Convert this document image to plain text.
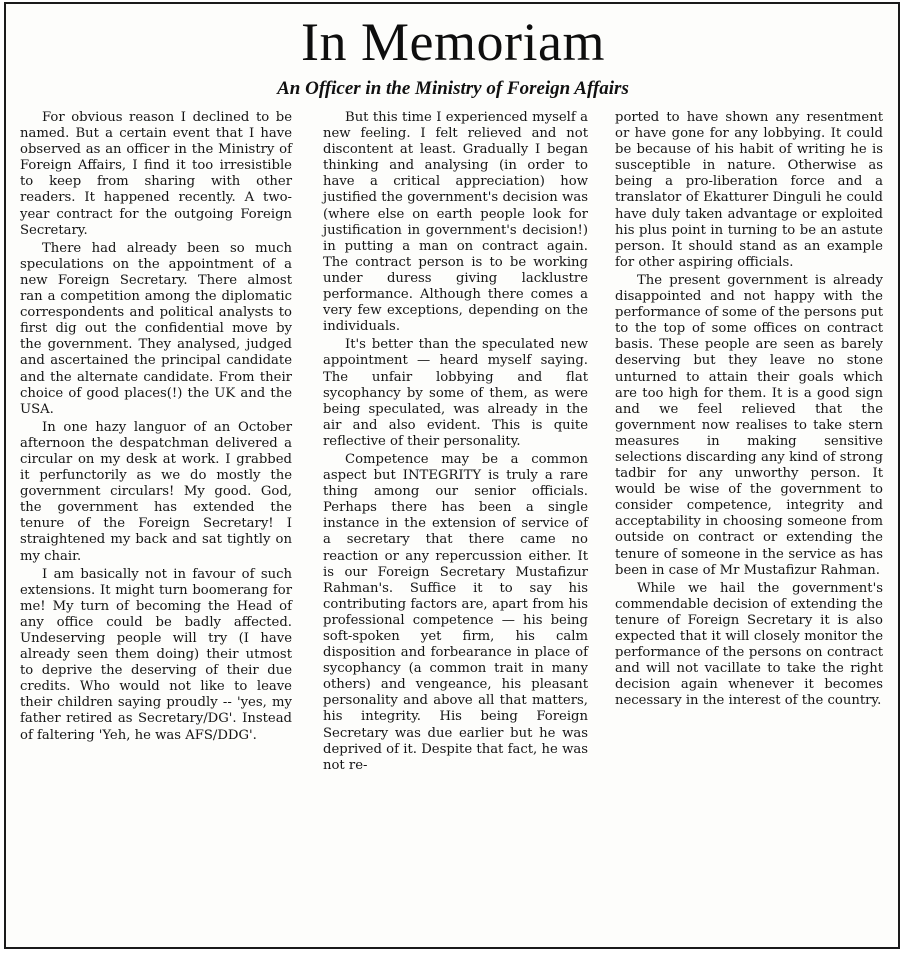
In Memoriam
An Officer in the Ministry of Foreign Affairs

For obvious reason I declined to be named. But a certain event that I have observed as an officer in the Ministry of Foreign Affairs, I find it too irresistible to keep from sharing with other readers. It happened recently. A two-year contract for the outgoing Foreign Secretary.

There had already been so much speculations on the appointment of a new Foreign Secretary. There almost ran a competition among the diplomatic correspondents and political analysts to first dig out the confidential move by the government. They analysed, judged and ascertained the principal candidate and the alternate candidate. From their choice of good places(!) the UK and the USA.

In one hazy languor of an October afternoon the despatchman delivered a circular on my desk at work. I grabbed it perfunctorily as we do mostly the government circulars! My good. God, the government has extended the tenure of the Foreign Secretary! I straightened my back and sat tightly on my chair.

I am basically not in favour of such extensions. It might turn boomerang for me! My turn of becoming the Head of any office could be badly affected. Undeserving people will try (I have already seen them doing) their utmost to deprive the deserving of their due credits. Who would not like to leave their children saying proudly -- 'yes, my father retired as Secretary/DG'. Instead of faltering 'Yeh, he was AFS/DDG'.

But this time I experienced myself a new feeling. I felt relieved and not discontent at least. Gradually I began thinking and analysing (in order to have a critical appreciation) how justified the government's decision was (where else on earth people look for justification in government's decision!) in putting a man on contract again. The contract person is to be working under duress giving lacklustre performance. Although there comes a very few exceptions, depending on the individuals.

It's better than the speculated new appointment — heard myself saying. The unfair lobbying and flat sycophancy by some of them, as were being speculated, was already in the air and also evident. This is quite reflective of their personality.

Competence may be a common aspect but INTEGRITY is truly a rare thing among our senior officials. Perhaps there has been a single instance in the extension of service of a secretary that there came no reaction or any repercussion either. It is our Foreign Secretary Mustafizur Rahman's. Suffice it to say his contributing factors are, apart from his professional competence — his being soft-spoken yet firm, his calm disposition and forbearance in place of sycophancy (a common trait in many others) and vengeance, his pleasant personality and above all that matters, his integrity. His being Foreign Secretary was due earlier but he was deprived of it. Despite that fact, he was not re-

ported to have shown any resentment or have gone for any lobbying. It could be because of his habit of writing he is susceptible in nature. Otherwise as being a pro-liberation force and a translator of Ekatturer Dinguli he could have duly taken advantage or exploited his plus point in turning to be an astute person. It should stand as an example for other aspiring officials.

The present government is already disappointed and not happy with the performance of some of the persons put to the top of some offices on contract basis. These people are seen as barely deserving but they leave no stone unturned to attain their goals which are too high for them. It is a good sign and we feel relieved that the government now realises to take stern measures in making sensitive selections discarding any kind of strong tadbir for any unworthy person. It would be wise of the government to consider competence, integrity and acceptability in choosing someone from outside on contract or extending the tenure of someone in the service as has been in case of Mr Mustafizur Rahman.

While we hail the government's commendable decision of extending the tenure of Foreign Secretary it is also expected that it will closely monitor the performance of the persons on contract and will not vacillate to take the right decision again whenever it becomes necessary in the interest of the country.
